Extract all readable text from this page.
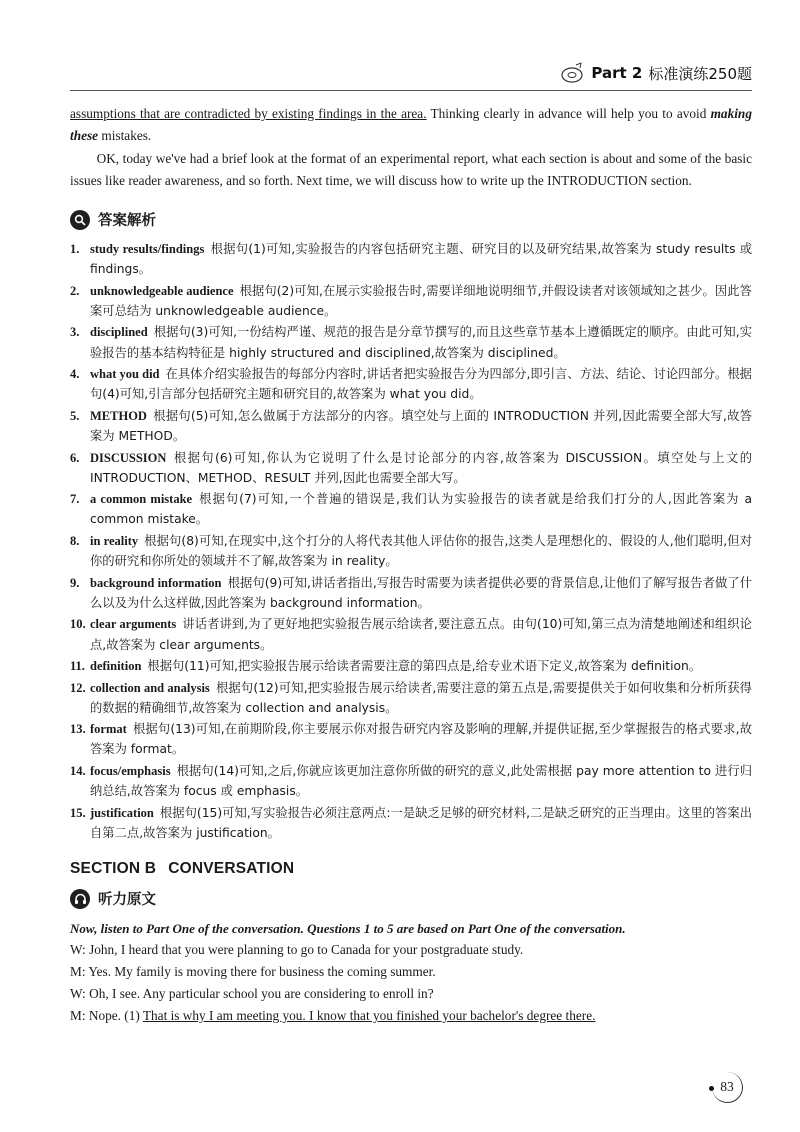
Part 2 标准演练250题

assumptions that are contradicted by existing findings in the area. Thinking clearly in advance will help you to avoid making these mistakes.

OK, today we've had a brief look at the format of an experimental report, what each section is about and some of the basic issues like reader awareness, and so forth. Next time, we will discuss how to write up the INTRODUCTION section.

答案解析
1. study results/findings 根据句(1)可知,实验报告的内容包括研究主题、研究目的以及研究结果,故答案为 study results 或 findings。
2. unknowledgeable audience 根据句(2)可知,在展示实验报告时,需要详细地说明细节,并假设读者对该领域知之甚少。因此答案可总结为 unknowledgeable audience。
3. disciplined 根据句(3)可知,一份结构严谨、规范的报告是分章节撰写的,而且这些章节基本上遵循既定的顺序。由此可知,实验报告的基本结构特征是 highly structured and disciplined,故答案为 disciplined。
4. what you did 在具体介绍实验报告的每部分内容时,讲话者把实验报告分为四部分,即引言、方法、结论、讨论四部分。根据句(4)可知,引言部分包括研究主题和研究目的,故答案为 what you did。
5. METHOD 根据句(5)可知,怎么做属于方法部分的内容。填空处与上面的 INTRODUCTION 并列,因此需要全部大写,故答案为 METHOD。
6. DISCUSSION 根据句(6)可知,你认为它说明了什么是讨论部分的内容,故答案为 DISCUSSION。填空处与上文的 INTRODUCTION、METHOD、RESULT 并列,因此也需要全部大写。
7. a common mistake 根据句(7)可知,一个普遍的错误是,我们认为实验报告的读者就是给我们打分的人,因此答案为 a common mistake。
8. in reality 根据句(8)可知,在现实中,这个打分的人将代表其他人评估你的报告,这类人是理想化的、假设的人,他们聪明,但对你的研究和你所处的领域并不了解,故答案为 in reality。
9. background information 根据句(9)可知,讲话者指出,写报告时需要为读者提供必要的背景信息,让他们了解写报告者做了什么以及为什么这样做,因此答案为 background information。
10. clear arguments 讲话者讲到,为了更好地把实验报告展示给读者,要注意五点。由句(10)可知,第三点为清楚地阐述和组织论点,故答案为 clear arguments。
11. definition 根据句(11)可知,把实验报告展示给读者需要注意的第四点是,给专业术语下定义,故答案为 definition。
12. collection and analysis 根据句(12)可知,把实验报告展示给读者,需要注意的第五点是,需要提供关于如何收集和分析所获得的数据的精确细节,故答案为 collection and analysis。
13. format 根据句(13)可知,在前期阶段,你主要展示你对报告研究内容及影响的理解,并提供证据,至少掌握报告的格式要求,故答案为 format。
14. focus/emphasis 根据句(14)可知,之后,你就应该更加注意你所做的研究的意义,此处需根据 pay more attention to 进行归纳总结,故答案为 focus 或 emphasis。
15. justification 根据句(15)可知,写实验报告必须注意两点:一是缺乏足够的研究材料,二是缺乏研究的正当理由。这里的答案出自第二点,故答案为 justification。
SECTION B CONVERSATION
听力原文

Now, listen to Part One of the conversation. Questions 1 to 5 are based on Part One of the conversation.

W: John, I heard that you were planning to go to Canada for your postgraduate study.

M: Yes. My family is moving there for business the coming summer.

W: Oh, I see. Any particular school you are considering to enroll in?

M: Nope. (1) That is why I am meeting you. I know that you finished your bachelor's degree there.

83
